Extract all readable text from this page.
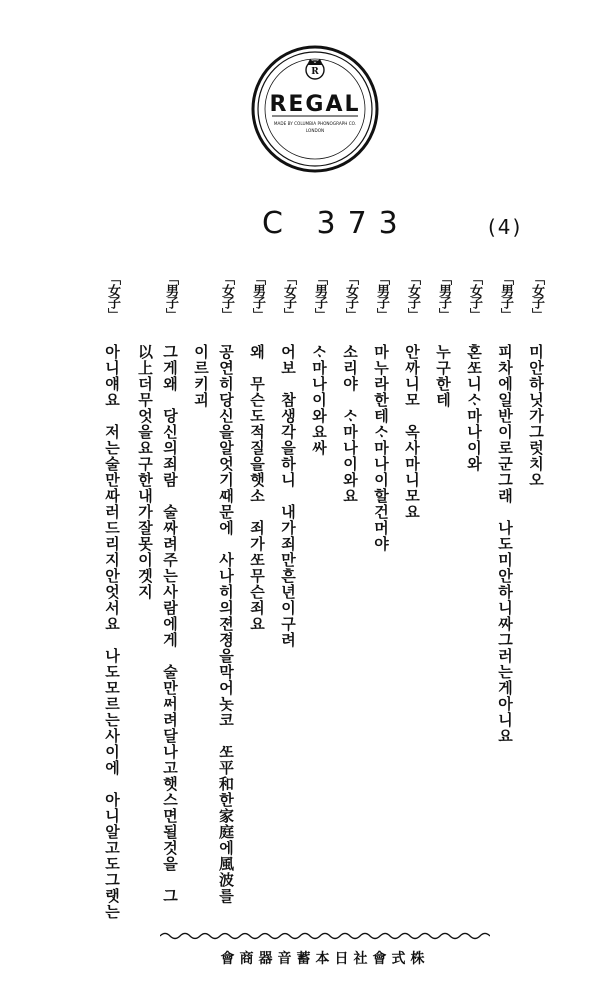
R
REGAL
MADE BY COLUMBIA PHONOGRAPH CO.
LONDON
C 373	(4)
「女子」
미안하닛가그럿치오
「男子」
피차에일반이로군그래　나도미안하니ᄶᅡ그러는게아니요
「女子」
혼ᄯᅩ니ᄉᆞ마나이와
「男子」
누구한테
「女子」
안ᄭᅡ니모　옥사마니모요
「男子」
마누라한테ᄉᆞ마나이할건머야
「女子」
소리야　ᄉᆞ마나이와요
「男子」
ᄉᆞ마나이와요싸
「女子」
어보　참생각을하니　내가죄만흔년이구려
「男子」
왜　무슨도적질을햇소　죄가ᄯᅩ무슨죄요
「女子」
공연히당신을알엇기ᄯᅢ문에　사나히의젼졍을막어놋코　ᄯᅩ平和한家庭에風波를
이르키괴
「男子」
그게왜　당신의죄람　술ᄶᅡ려주는사람에게　술만ᄶᅥ려달나고햇스면될것을　그
以上더무엇을요구한내가잘못이겟지
「女子」
아니얘요　저는술만ᄯᅡ러드리지안엇서요　나도모르는사이에　아니알고도그랫는
會商器音蓄本日社會式株
